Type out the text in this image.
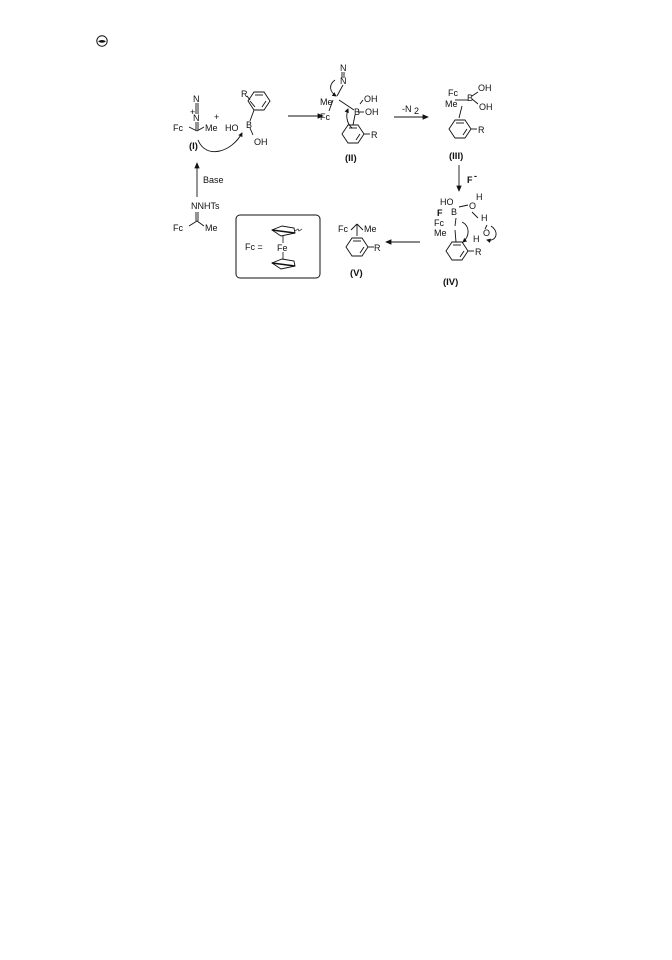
N
N
+
Fc Me
(I)
+
R
HO B
OH
N
N
Me
Fc	B
OH
OH
R
(II)
-N 2
Fc
Me
B
OH
OH
R
(III)
F -
HO
F B
O
H
H
O
H
Fc
Me
R
(IV)
Fc Me
R
(V)
NNHTs
Fc Me
Base
Fc = Fe
